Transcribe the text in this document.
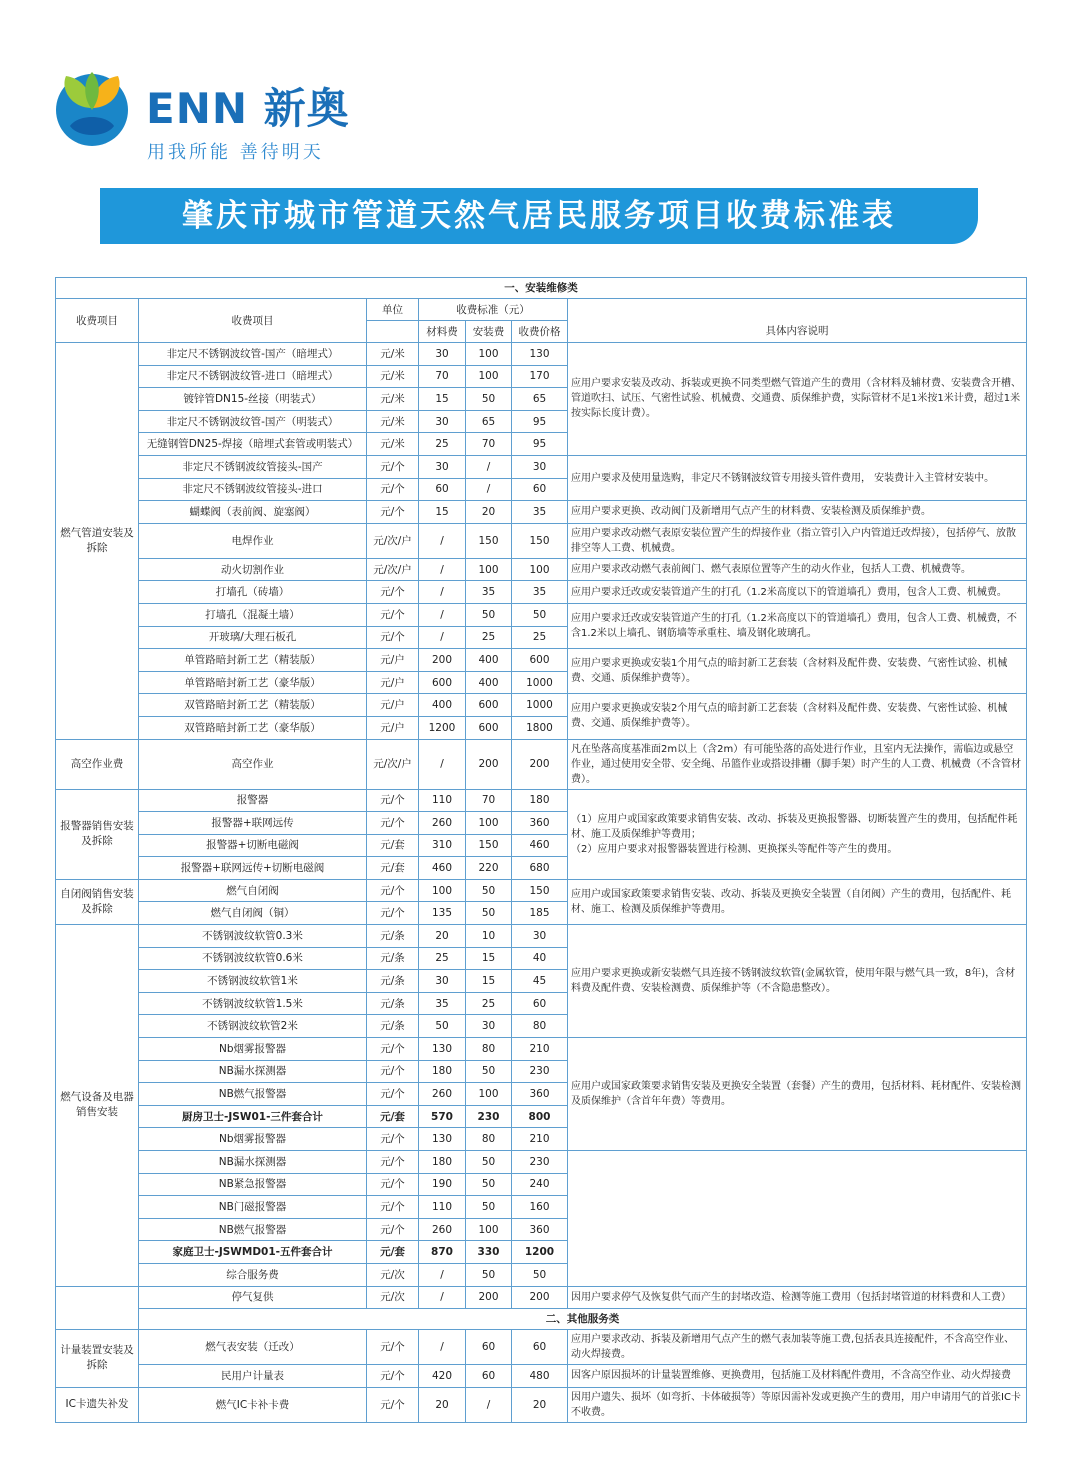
ENN 新奥
用我所能 善待明天
肇庆市城市管道天然气居民服务项目收费标准表
一、安装维修类						
收费项目	收费项目	单位	收费标准（元）			
			材料费	安装费	收费价格	具体内容说明
燃气管道安装及拆除	非定尺不锈钢波纹管-国产（暗埋式）	元/米	30	100	130	应用户要求安装及改动、拆装或更换不同类型燃气管道产生的费用（含材料及辅材费、安装费含开槽、管道吹扫、试压、气密性试验、机械费、交通费、质保维护费，实际管材不足1米按1米计费，超过1米 按实际长度计费）。
	非定尺不锈钢波纹管-进口（暗埋式）	元/米	70	100	170	
	镀锌管DN15-丝接（明装式）	元/米	15	50	65	
	非定尺不锈钢波纹管-国产（明装式）	元/米	30	65	95	
	无缝钢管DN25-焊接（暗埋式套管或明装式）	元/米	25	70	95	
	非定尺不锈钢波纹管接头-国产	元/个	30	/	30	应用户要求及使用量选购，非定尺不锈钢波纹管专用接头管件费用， 安装费计入主管材安装中。
	非定尺不锈钢波纹管接头-进口	元/个	60	/	60	
	蝴蝶阀（表前阀、旋塞阀）	元/个	15	20	35	应用户要求更换、改动阀门及新增用气点产生的材料费、安装检测及质保维护费。
	电焊作业	元/次/户	/	150	150	应用户要求改动燃气表原安装位置产生的焊接作业（指立管引入户内管道迁改焊接），包括停气、放散排空等人工费、机械费。
	动火切割作业	元/次/户	/	100	100	应用户要求改动燃气表前阀门、燃气表原位置等产生的动火作业，包括人工费、机械费等。
	打墙孔（砖墙）	元/个	/	35	35	应用户要求迁改或安装管道产生的打孔（1.2米高度以下的管道墙孔）费用，包含人工费、机械费。
	打墙孔（混凝土墙）	元/个	/	50	50	应用户要求迁改或安装管道产生的打孔（1.2米高度以下的管道墙孔）费用，包含人工费、机械费，不含1.2米以上墙孔、钢筋墙等承重柱、墙及钢化玻璃孔。
	开玻璃/大理石板孔	元/个	/	25	25	
	单管路暗封新工艺（精装版）	元/户	200	400	600	应用户要求更换或安装1个用气点的暗封新工艺套装（含材料及配件费、安装费、气密性试验、机械费、交通、质保维护费等）。
	单管路暗封新工艺（豪华版）	元/户	600	400	1000	
	双管路暗封新工艺（精装版）	元/户	400	600	1000	应用户要求更换或安装2个用气点的暗封新工艺套装（含材料及配件费、安装费、气密性试验、机械费、交通、质保维护费等）。
	双管路暗封新工艺（豪华版）	元/户	1200	600	1800	
高空作业费	高空作业	元/次/户	/	200	200	凡在坠落高度基准面2m以上（含2m）有可能坠落的高处进行作业，且室内无法操作，需临边或悬空作业，通过使用安全带、安全绳、吊篮作业或搭设排栅（脚手架）时产生的人工费、机械费（不含管材费）。
报警器销售安装及拆除	报警器	元/个	110	70	180	（1）应用户或国家政策要求销售安装、改动、拆装及更换报警器、切断装置产生的费用，包括配件耗材、施工及质保维护等费用；
（2）应用户要求对报警器装置进行检测、更换探头等配件等产生的费用。
	报警器+联网远传	元/个	260	100	360	
	报警器+切断电磁阀	元/套	310	150	460	
	报警器+联网远传+切断电磁阀	元/套	460	220	680	
自闭阀销售安装及拆除	燃气自闭阀	元/个	100	50	150	应用户或国家政策要求销售安装、改动、拆装及更换安全装置（自闭阀）产生的费用，包括配件、耗材、施工、检测及质保维护等费用。
	燃气自闭阀（铜）	元/个	135	50	185	
燃气设备及电器销售安装	不锈钢波纹软管0.3米	元/条	20	10	30	应用户要求更换或新安装燃气具连接不锈钢波纹软管(金属软管，使用年限与燃气具一致，8年)，含材料费及配件费、安装检测费、质保维护等（不含隐患整改）。
	不锈钢波纹软管0.6米	元/条	25	15	40	
	不锈钢波纹软管1米	元/条	30	15	45	
	不锈钢波纹软管1.5米	元/条	35	25	60	
	不锈钢波纹软管2米	元/条	50	30	80	
	Nb烟雾报警器	元/个	130	80	210	应用户或国家政策要求销售安装及更换安全装置（套餐）产生的费用，包括材料、耗材配件、安装检测及质保维护（含首年年费）等费用。
	NB漏水探测器	元/个	180	50	230	
	NB燃气报警器	元/个	260	100	360	
	厨房卫士-JSW01-三件套合计	元/套	570	230	800	
	Nb烟雾报警器	元/个	130	80	210	
	NB漏水探测器	元/个	180	50	230	
	NB紧急报警器	元/个	190	50	240	
	NB门磁报警器	元/个	110	50	160	
	NB燃气报警器	元/个	260	100	360	
	家庭卫士-JSWMD01-五件套合计	元/套	870	330	1200	
	综合服务费	元/次	/	50	50	
	停气复供	元/次	/	200	200	因用户要求停气及恢复供气而产生的封堵改造、检测等施工费用（包括封堵管道的材料费和人工费）
	二、其他服务类					
计量装置安装及拆除	燃气表安装（迁改）	元/个	/	60	60	应用户要求改动、拆装及新增用气点产生的燃气表加装等施工费,包括表具连接配件，不含高空作业、动火焊接费。
	民用户计量表	元/个	420	60	480	因客户原因损坏的计量装置维修、更换费用，包括施工及材料配件费用，不含高空作业、动火焊接费
IC卡遗失补发	燃气IC卡补卡费	元/个	20	/	20	因用户遗失、损坏（如弯折、卡体破损等）等原因需补发或更换产生的费用，用户申请用气的首张IC卡不收费。
